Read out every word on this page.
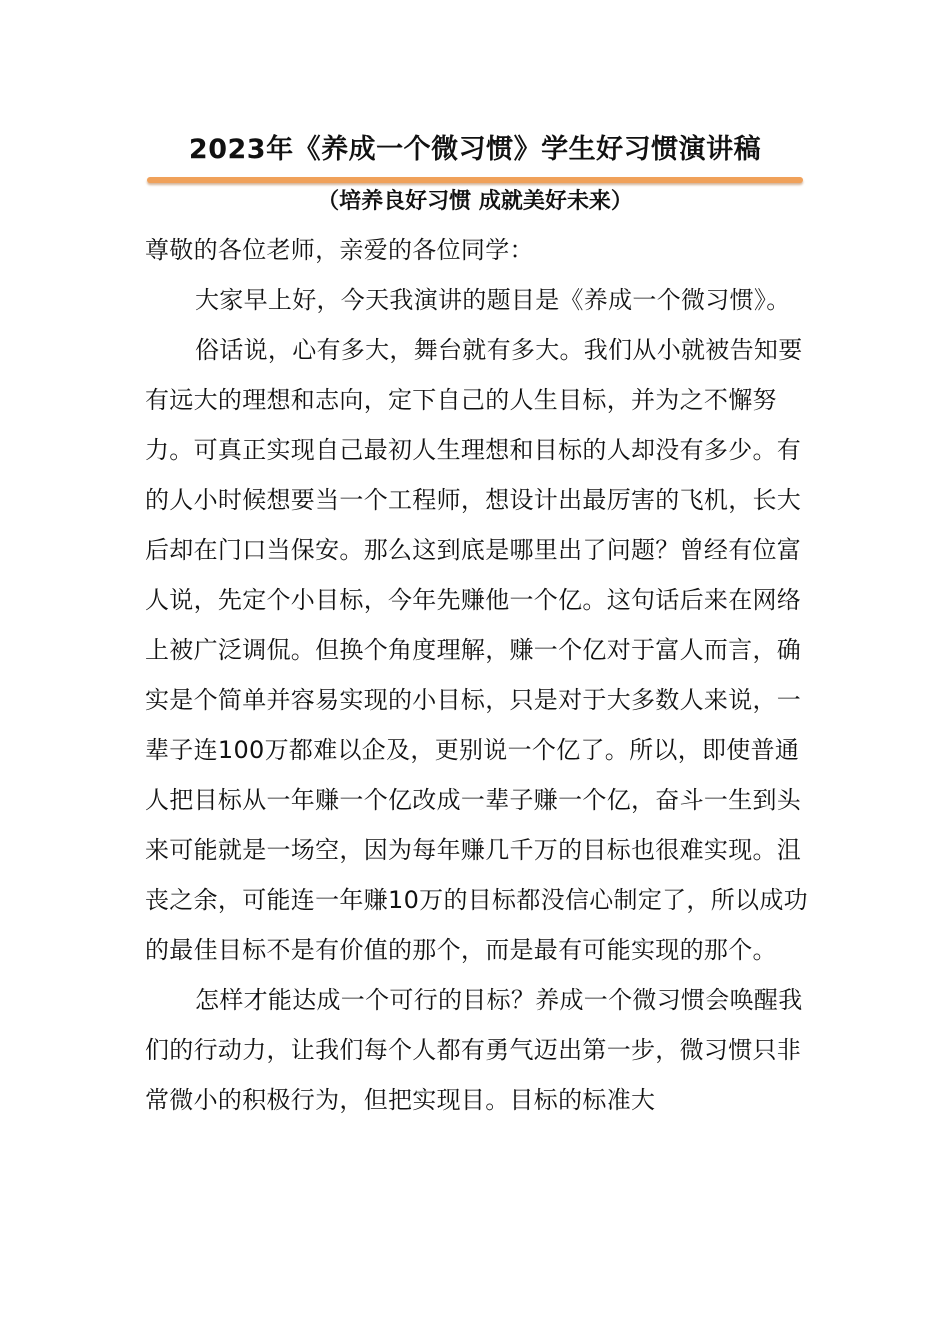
2023年《养成一个微习惯》学生好习惯演讲稿
（培养良好习惯 成就美好未来）

尊敬的各位老师，亲爱的各位同学：

大家早上好，今天我演讲的题目是《养成一个微习惯》。

俗话说，心有多大，舞台就有多大。我们从小就被告知要有远大的理想和志向，定下自己的人生目标，并为之不懈努力。可真正实现自己最初人生理想和目标的人却没有多少。有的人小时候想要当一个工程师，想设计出最厉害的飞机，长大后却在门口当保安。那么这到底是哪里出了问题？曾经有位富人说，先定个小目标，今年先赚他一个亿。这句话后来在网络上被广泛调侃。但换个角度理解，赚一个亿对于富人而言，确实是个简单并容易实现的小目标，只是对于大多数人来说，一辈子连100万都难以企及，更别说一个亿了。所以，即使普通人把目标从一年赚一个亿改成一辈子赚一个亿，奋斗一生到头来可能就是一场空，因为每年赚几千万的目标也很难实现。沮丧之余，可能连一年赚10万的目标都没信心制定了，所以成功的最佳目标不是有价值的那个，而是最有可能实现的那个。

怎样才能达成一个可行的目标？养成一个微习惯会唤醒我们的行动力，让我们每个人都有勇气迈出第一步，微习惯只非常微小的积极行为，但把实现目。目标的标准大
